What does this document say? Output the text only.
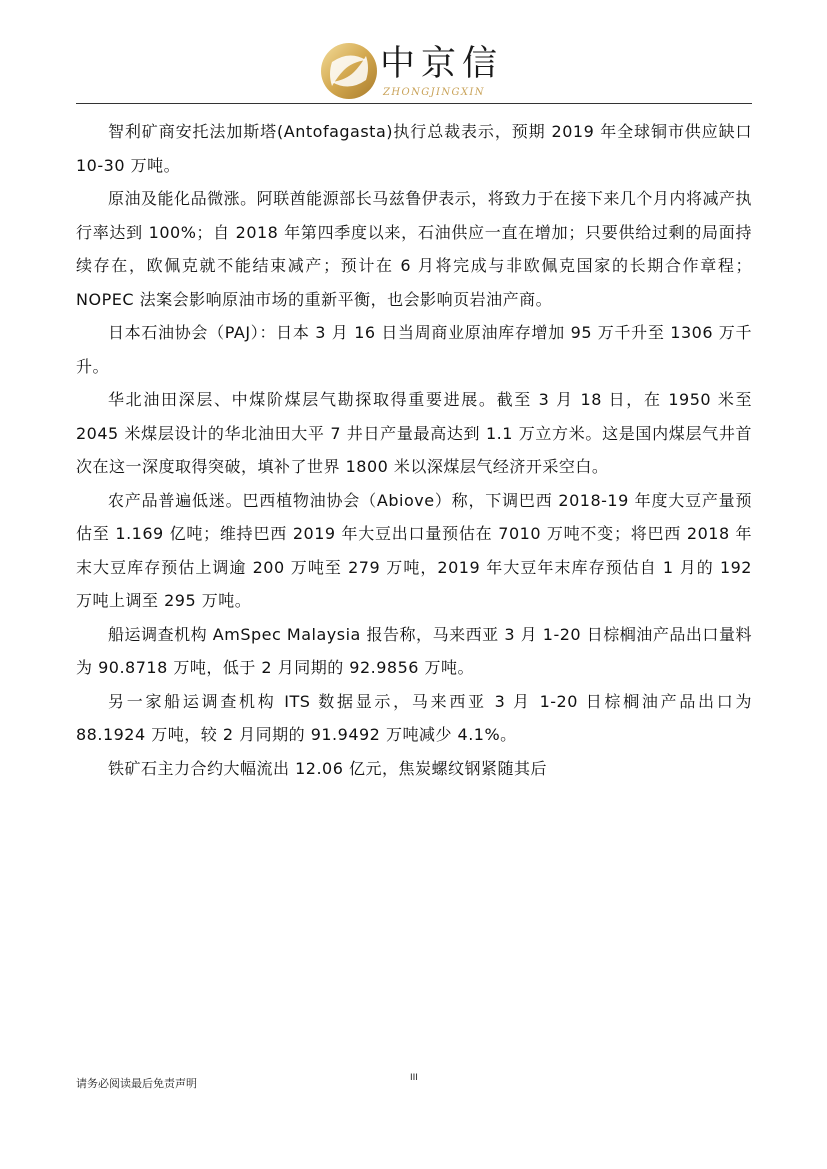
中京信
ZHONGJINGXIN

智利矿商安托法加斯塔(Antofagasta)执行总裁表示，预期 2019 年全球铜市供应缺口 10-30 万吨。

原油及能化品微涨。阿联酋能源部长马兹鲁伊表示，将致力于在接下来几个月内将减产执行率达到 100%；自 2018 年第四季度以来，石油供应一直在增加；只要供给过剩的局面持续存在，欧佩克就不能结束减产；预计在 6 月将完成与非欧佩克国家的长期合作章程；NOPEC 法案会影响原油市场的重新平衡，也会影响页岩油产商。

日本石油协会（PAJ）：日本 3 月 16 日当周商业原油库存增加 95 万千升至 1306 万千升。

华北油田深层、中煤阶煤层气勘探取得重要进展。截至 3 月 18 日，在 1950 米至 2045 米煤层设计的华北油田大平 7 井日产量最高达到 1.1 万立方米。这是国内煤层气井首次在这一深度取得突破，填补了世界 1800 米以深煤层气经济开采空白。

农产品普遍低迷。巴西植物油协会（Abiove）称，下调巴西 2018-19 年度大豆产量预估至 1.169 亿吨；维持巴西 2019 年大豆出口量预估在 7010 万吨不变；将巴西 2018 年末大豆库存预估上调逾 200 万吨至 279 万吨，2019 年大豆年末库存预估自 1 月的 192 万吨上调至 295 万吨。

船运调查机构 AmSpec Malaysia 报告称，马来西亚 3 月 1-20 日棕榈油产品出口量料为 90.8718 万吨，低于 2 月同期的 92.9856 万吨。

另一家船运调查机构 ITS 数据显示，马来西亚 3 月 1-20 日棕榈油产品出口为 88.1924 万吨，较 2 月同期的 91.9492 万吨减少 4.1%。

铁矿石主力合约大幅流出 12.06 亿元，焦炭螺纹钢紧随其后

请务必阅读最后免责声明	III
